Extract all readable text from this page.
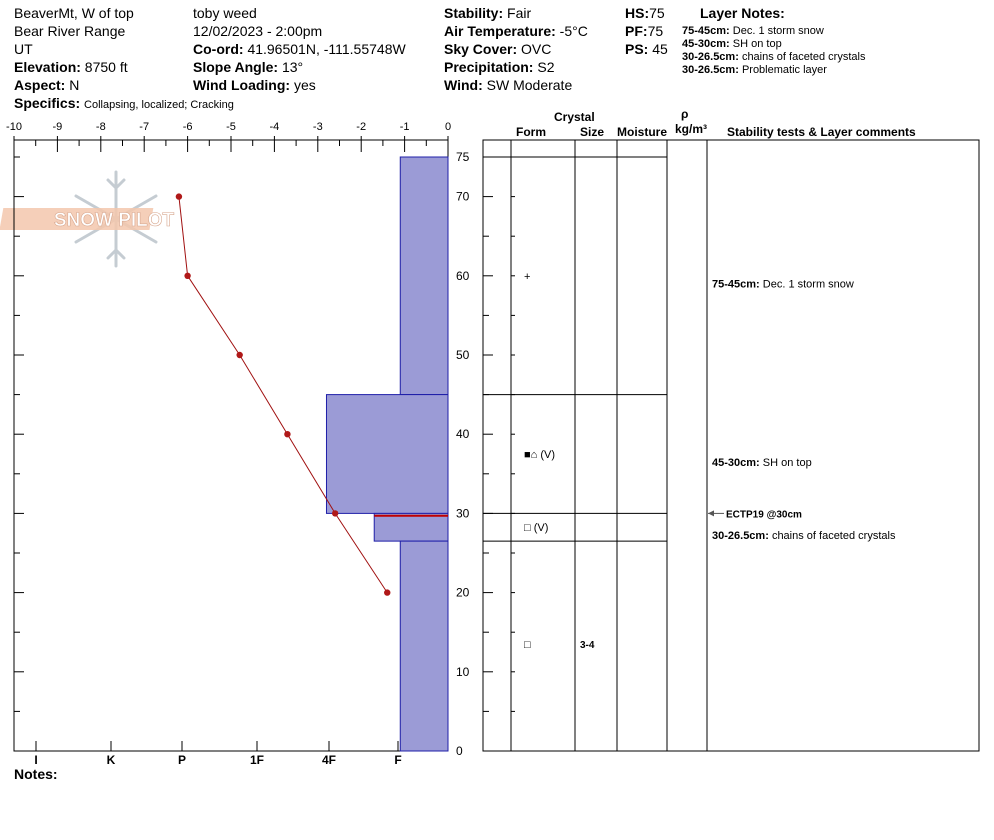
BeaverMt, W of top
Bear River Range
UT
Elevation: 8750 ft
Aspect: N
Specifics: Collapsing, localized; Cracking
toby weed
12/02/2023 - 2:00pm
Co-ord: 41.96501N, -111.55748W
Slope Angle: 13°
Wind Loading: yes
Stability: Fair
Air Temperature: -5°C
Sky Cover: OVC
Precipitation: S2
Wind: SW Moderate
HS:75
PF:75
PS: 45
Layer Notes:
75-45cm: Dec. 1 storm snow
45-30cm: SH on top
30-26.5cm: chains of faceted crystals
30-26.5cm: Problematic layer
Crystal
Form	Size Moisture
ρ
kg/m³ Stability tests & Layer comments
Notes:
SNOW PILOT
-10	-9	-8	-7	-6	-5	-4	-3	-2	-1	0
75
70
60
50
40
30
20
10
0
I	K	P	1F	4F	F
+
■⌂ (V)
□ (V)
□	3-4
75-45cm: Dec. 1 storm snow
45-30cm: SH on top
30-26.5cm: chains of faceted crystals
ECTP19 @30cm
